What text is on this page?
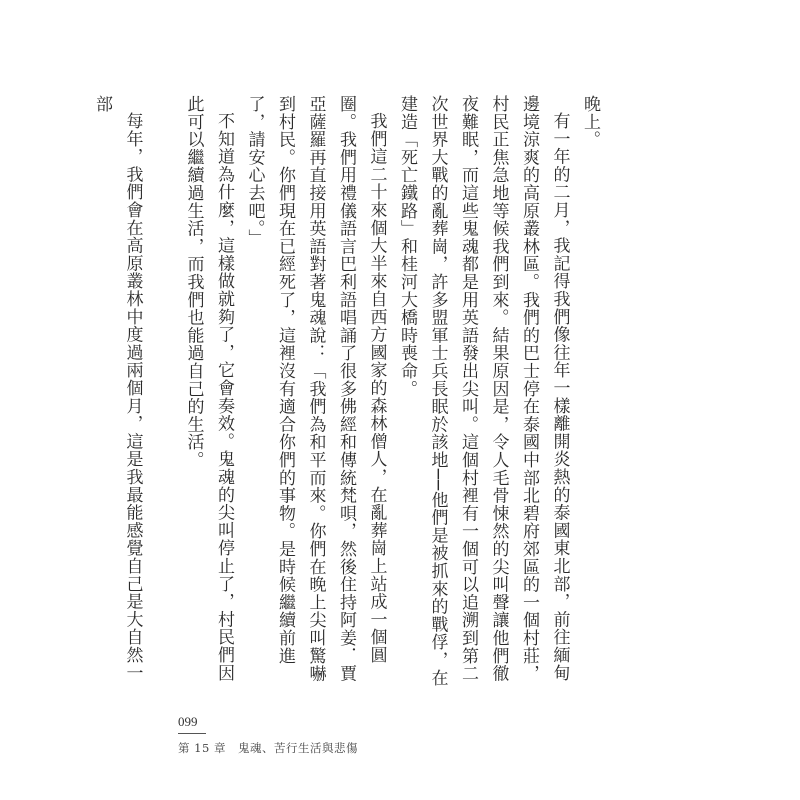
晚上。

有一年的二月，我記得我們像往年一樣離開炎熱的泰國東北部，前往緬甸邊境涼爽的高原叢林區。我們的巴士停在泰國中部北碧府郊區的一個村莊，村民正焦急地等候我們到來。結果原因是，令人毛骨悚然的尖叫聲讓他們徹夜難眠，而這些鬼魂都是用英語發出尖叫。這個村裡有一個可以追溯到第二次世界大戰的亂葬崗，許多盟軍士兵長眠於該地──他們是被抓來的戰俘，在建造「死亡鐵路」和桂河大橋時喪命。

我們這二十來個大半來自西方國家的森林僧人，在亂葬崗上站成一個圓圈。我們用禮儀語言巴利語唱誦了很多佛經和傳統梵唄，然後住持阿姜．賈亞薩羅再直接用英語對著鬼魂說：「我們為和平而來。你們在晚上尖叫驚嚇到村民。你們現在已經死了，這裡沒有適合你們的事物。是時候繼續前進了，請安心去吧。」

不知道為什麼，這樣做就夠了，它會奏效。鬼魂的尖叫停止了，村民們因此可以繼續過生活，而我們也能過自己的生活。

每年，我們會在高原叢林中度過兩個月，這是我最能感覺自己是大自然一部

099
第 15 章　鬼魂、苦行生活與悲傷
